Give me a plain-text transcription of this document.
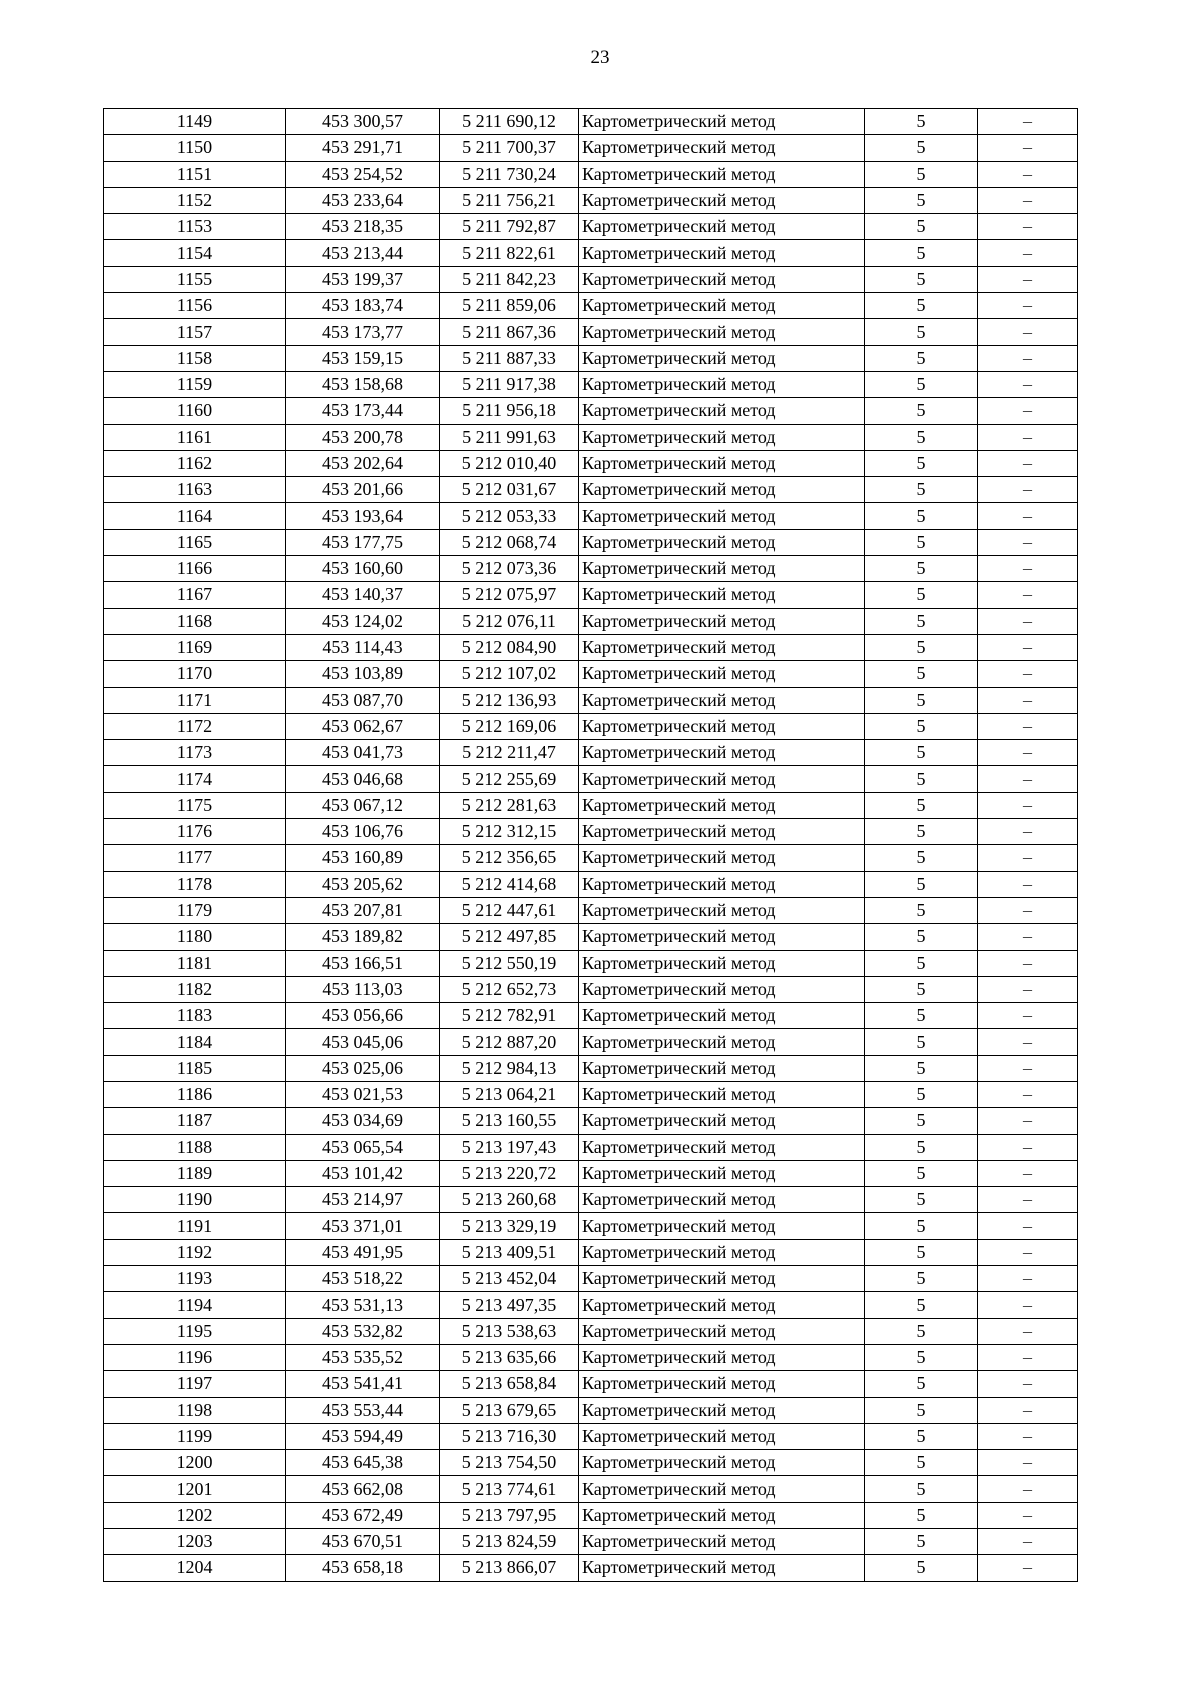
23
1149	453 300,57	5 211 690,12	Картометрический метод	5	–
1150	453 291,71	5 211 700,37	Картометрический метод	5	–
1151	453 254,52	5 211 730,24	Картометрический метод	5	–
1152	453 233,64	5 211 756,21	Картометрический метод	5	–
1153	453 218,35	5 211 792,87	Картометрический метод	5	–
1154	453 213,44	5 211 822,61	Картометрический метод	5	–
1155	453 199,37	5 211 842,23	Картометрический метод	5	–
1156	453 183,74	5 211 859,06	Картометрический метод	5	–
1157	453 173,77	5 211 867,36	Картометрический метод	5	–
1158	453 159,15	5 211 887,33	Картометрический метод	5	–
1159	453 158,68	5 211 917,38	Картометрический метод	5	–
1160	453 173,44	5 211 956,18	Картометрический метод	5	–
1161	453 200,78	5 211 991,63	Картометрический метод	5	–
1162	453 202,64	5 212 010,40	Картометрический метод	5	–
1163	453 201,66	5 212 031,67	Картометрический метод	5	–
1164	453 193,64	5 212 053,33	Картометрический метод	5	–
1165	453 177,75	5 212 068,74	Картометрический метод	5	–
1166	453 160,60	5 212 073,36	Картометрический метод	5	–
1167	453 140,37	5 212 075,97	Картометрический метод	5	–
1168	453 124,02	5 212 076,11	Картометрический метод	5	–
1169	453 114,43	5 212 084,90	Картометрический метод	5	–
1170	453 103,89	5 212 107,02	Картометрический метод	5	–
1171	453 087,70	5 212 136,93	Картометрический метод	5	–
1172	453 062,67	5 212 169,06	Картометрический метод	5	–
1173	453 041,73	5 212 211,47	Картометрический метод	5	–
1174	453 046,68	5 212 255,69	Картометрический метод	5	–
1175	453 067,12	5 212 281,63	Картометрический метод	5	–
1176	453 106,76	5 212 312,15	Картометрический метод	5	–
1177	453 160,89	5 212 356,65	Картометрический метод	5	–
1178	453 205,62	5 212 414,68	Картометрический метод	5	–
1179	453 207,81	5 212 447,61	Картометрический метод	5	–
1180	453 189,82	5 212 497,85	Картометрический метод	5	–
1181	453 166,51	5 212 550,19	Картометрический метод	5	–
1182	453 113,03	5 212 652,73	Картометрический метод	5	–
1183	453 056,66	5 212 782,91	Картометрический метод	5	–
1184	453 045,06	5 212 887,20	Картометрический метод	5	–
1185	453 025,06	5 212 984,13	Картометрический метод	5	–
1186	453 021,53	5 213 064,21	Картометрический метод	5	–
1187	453 034,69	5 213 160,55	Картометрический метод	5	–
1188	453 065,54	5 213 197,43	Картометрический метод	5	–
1189	453 101,42	5 213 220,72	Картометрический метод	5	–
1190	453 214,97	5 213 260,68	Картометрический метод	5	–
1191	453 371,01	5 213 329,19	Картометрический метод	5	–
1192	453 491,95	5 213 409,51	Картометрический метод	5	–
1193	453 518,22	5 213 452,04	Картометрический метод	5	–
1194	453 531,13	5 213 497,35	Картометрический метод	5	–
1195	453 532,82	5 213 538,63	Картометрический метод	5	–
1196	453 535,52	5 213 635,66	Картометрический метод	5	–
1197	453 541,41	5 213 658,84	Картометрический метод	5	–
1198	453 553,44	5 213 679,65	Картометрический метод	5	–
1199	453 594,49	5 213 716,30	Картометрический метод	5	–
1200	453 645,38	5 213 754,50	Картометрический метод	5	–
1201	453 662,08	5 213 774,61	Картометрический метод	5	–
1202	453 672,49	5 213 797,95	Картометрический метод	5	–
1203	453 670,51	5 213 824,59	Картометрический метод	5	–
1204	453 658,18	5 213 866,07	Картометрический метод	5	–
